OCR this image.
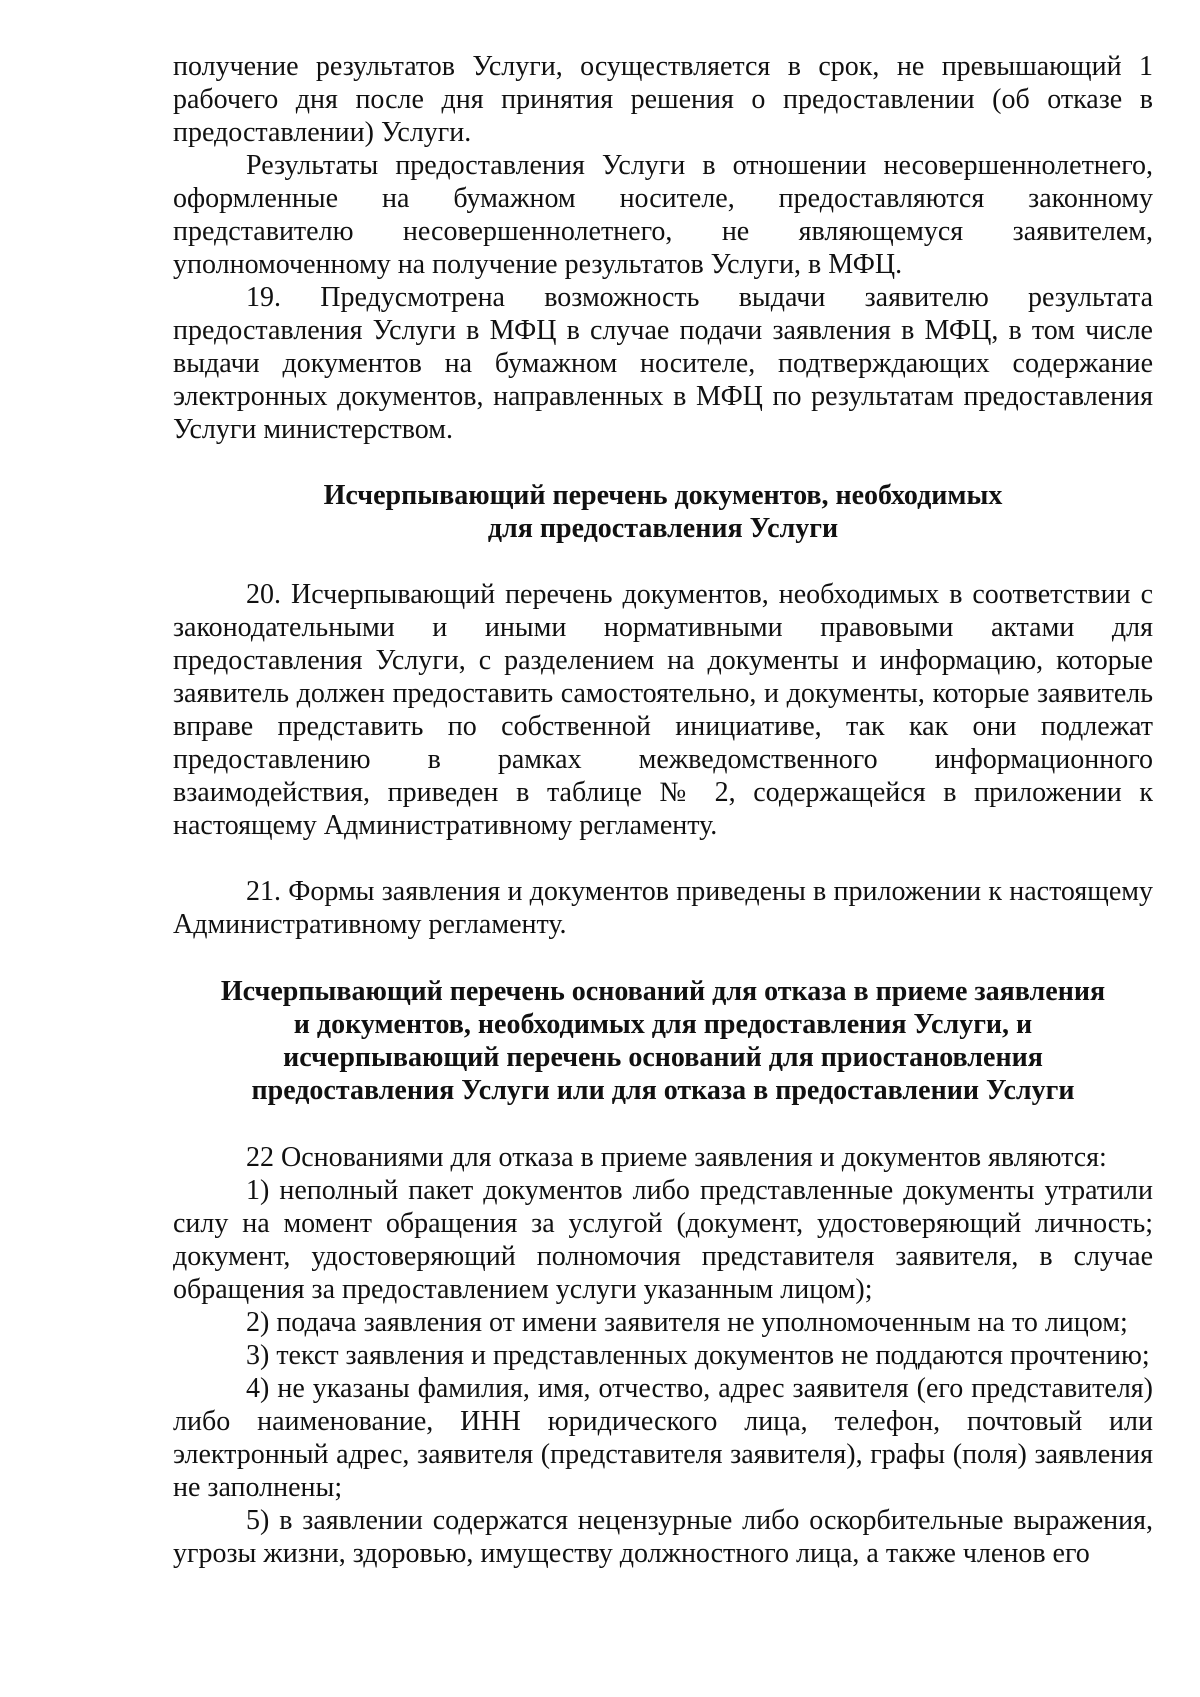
получение результатов Услуги, осуществляется в срок, не превышающий 1 рабочего дня после дня принятия решения о предоставлении (об отказе в предоставлении) Услуги.

Результаты предоставления Услуги в отношении несовершеннолетнего, оформленные на бумажном носителе, предоставляются законному представителю несовершеннолетнего, не являющемуся заявителем, уполномоченному на получение результатов Услуги, в МФЦ.

19. Предусмотрена возможность выдачи заявителю результата предоставления Услуги в МФЦ в случае подачи заявления в МФЦ, в том числе выдачи документов на бумажном носителе, подтверждающих содержание электронных документов, направленных в МФЦ по результатам предоставления Услуги министерством.

Исчерпывающий перечень документов, необходимых
для предоставления Услуги

20. Исчерпывающий перечень документов, необходимых в соответствии с законодательными и иными нормативными правовыми актами для предоставления Услуги, с разделением на документы и информацию, которые заявитель должен предоставить самостоятельно, и документы, которые заявитель вправе представить по собственной инициативе, так как они подлежат предоставлению в рамках межведомственного информационного взаимодействия, приведен в таблице № 2, содержащейся в приложении к настоящему Административному регламенту.

21. Формы заявления и документов приведены в приложении к настоящему Административному регламенту.

Исчерпывающий перечень оснований для отказа в приеме заявления
и документов, необходимых для предоставления Услуги, и
исчерпывающий перечень оснований для приостановления
предоставления Услуги или для отказа в предоставлении Услуги

22 Основаниями для отказа в приеме заявления и документов являются:

1) неполный пакет документов либо представленные документы утратили силу на момент обращения за услугой (документ, удостоверяющий личность; документ, удостоверяющий полномочия представителя заявителя, в случае обращения за предоставлением услуги указанным лицом);

2) подача заявления от имени заявителя не уполномоченным на то лицом;

3) текст заявления и представленных документов не поддаются прочтению;

4) не указаны фамилия, имя, отчество, адрес заявителя (его представителя) либо наименование, ИНН юридического лица, телефон, почтовый или электронный адрес, заявителя (представителя заявителя), графы (поля) заявления не заполнены;

5) в заявлении содержатся нецензурные либо оскорбительные выражения, угрозы жизни, здоровью, имуществу должностного лица, а также членов его
